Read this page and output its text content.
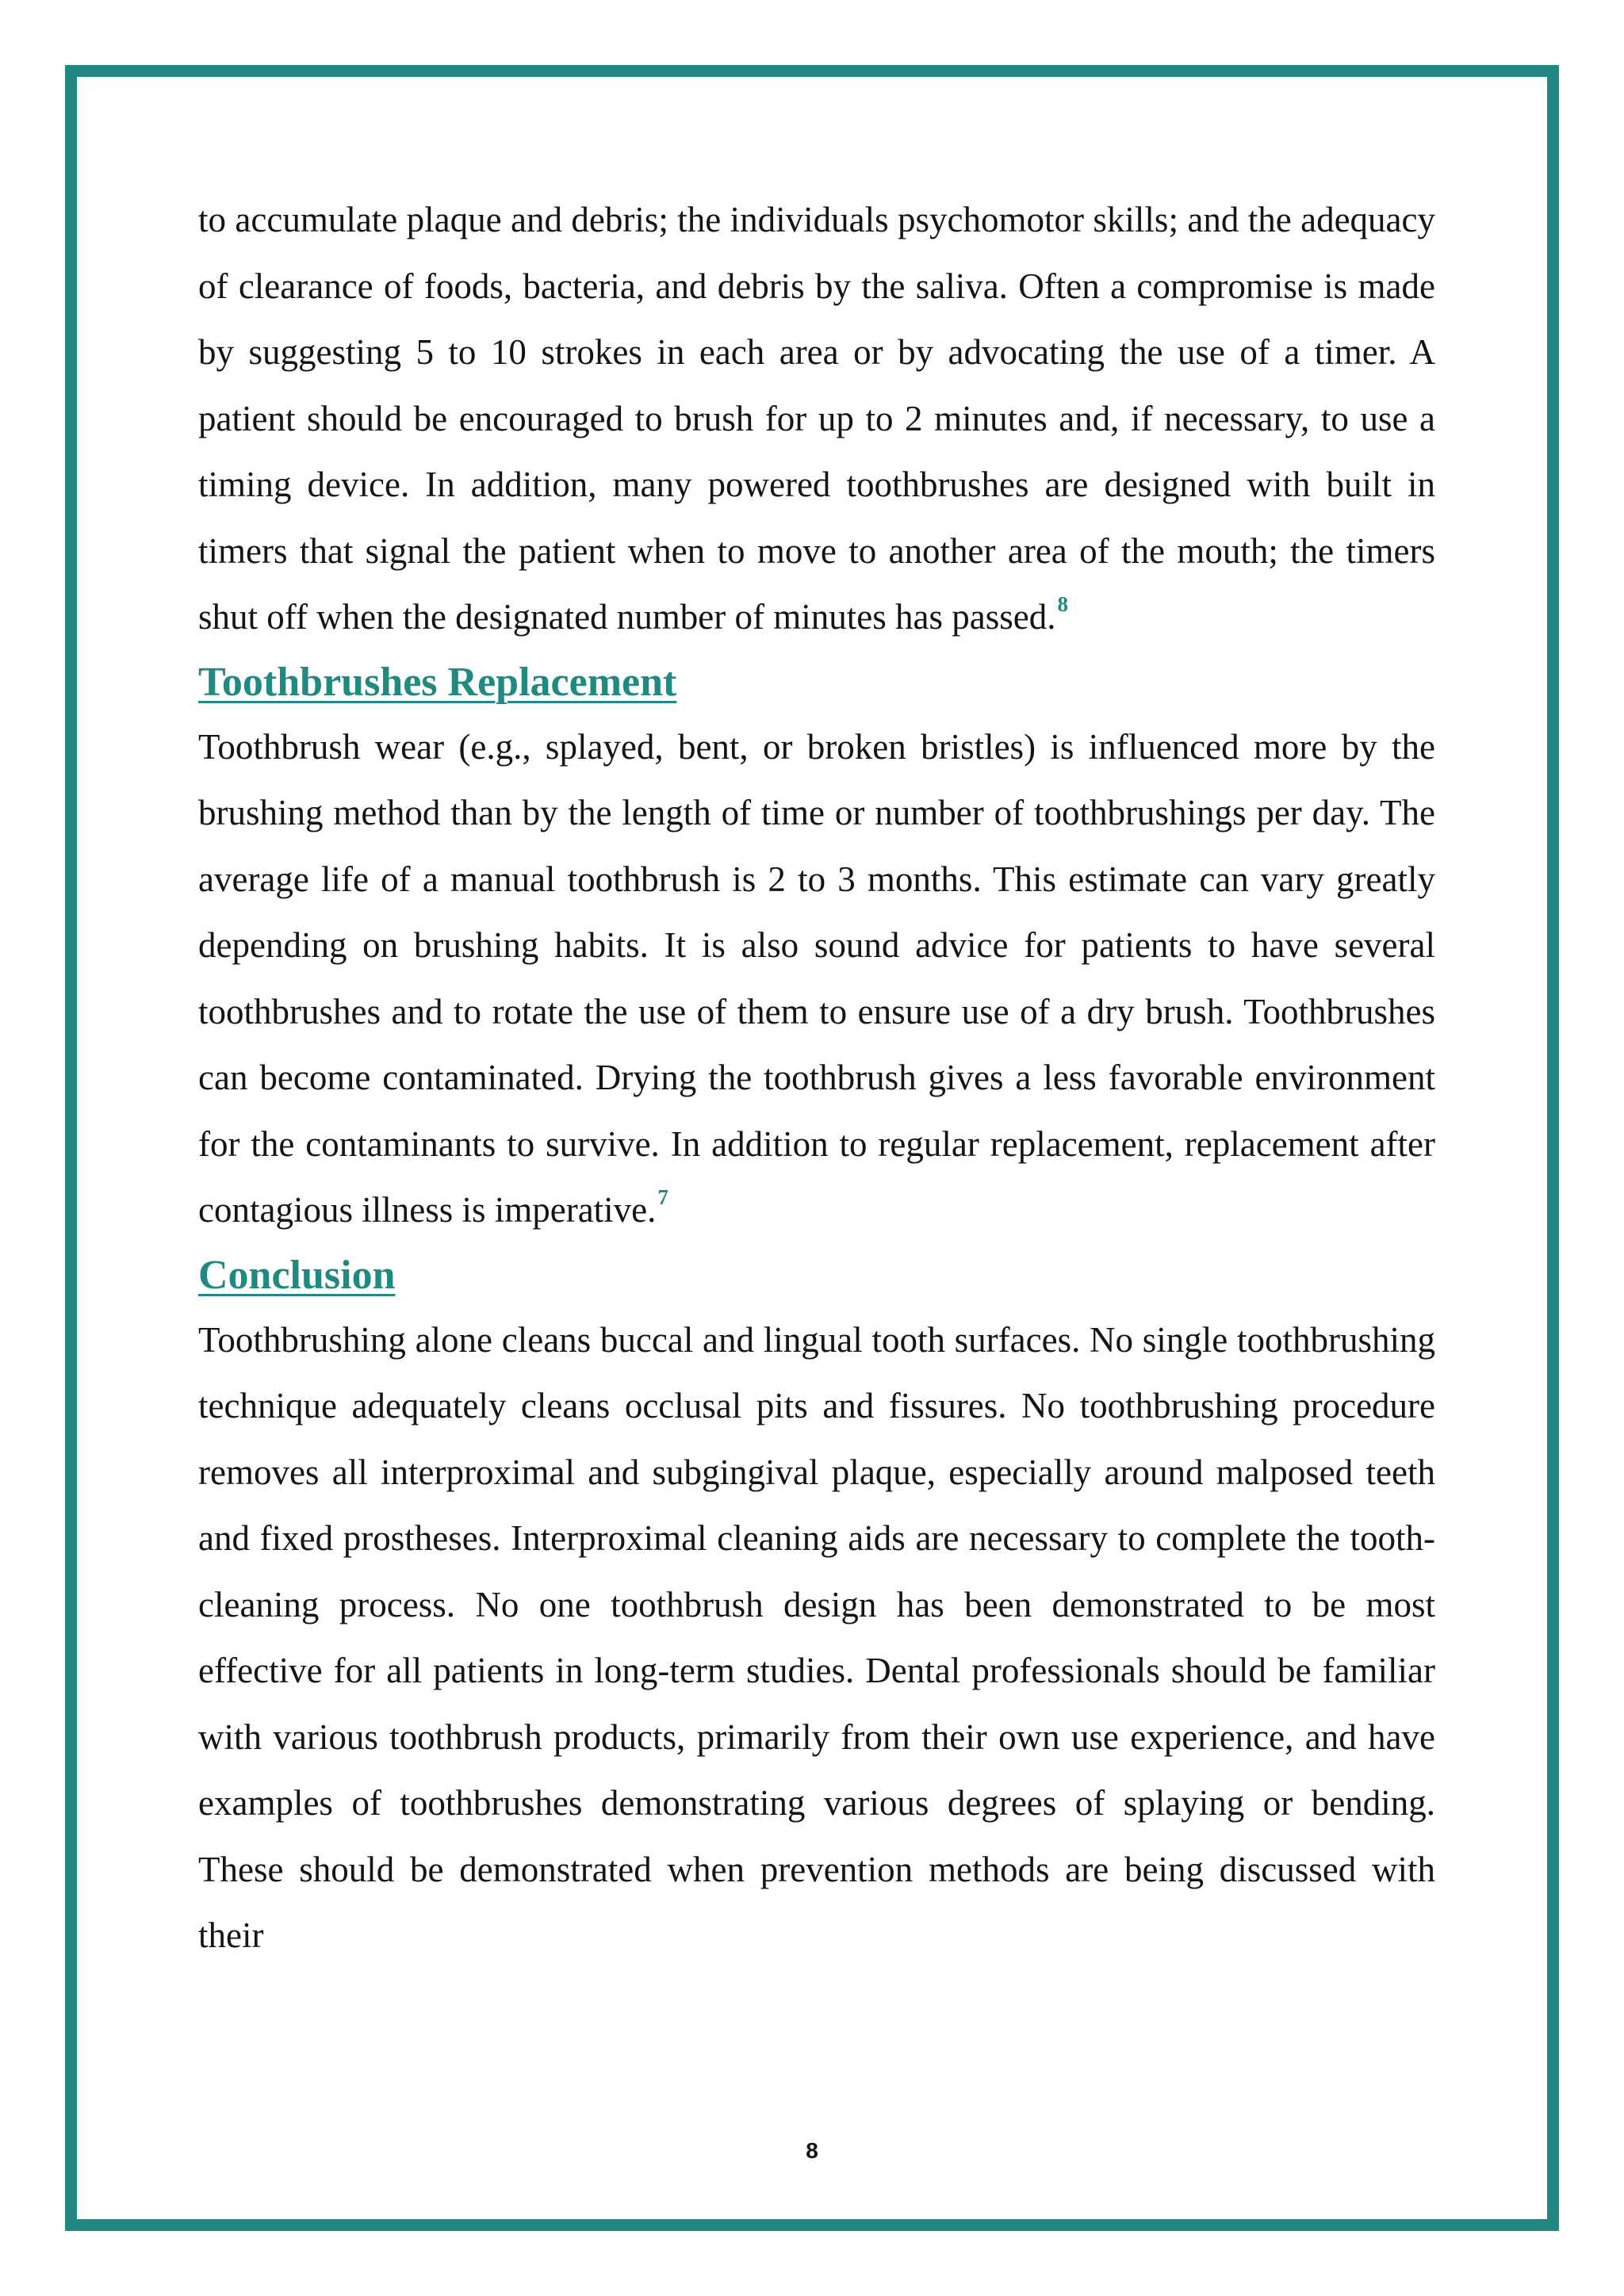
to accumulate plaque and debris; the individuals psychomotor skills; and the adequacy of clearance of foods, bacteria, and debris by the saliva. Often a compromise is made by suggesting 5 to 10 strokes in each area or by advocating the use of a timer. A patient should be encouraged to brush for up to 2 minutes and, if necessary, to use a timing device. In addition, many powered toothbrushes are designed with built in timers that signal the patient when to move to another area of the mouth; the timers shut off when the designated number of minutes has passed.$^8$

Toothbrushes Replacement

Toothbrush wear (e.g., splayed, bent, or broken bristles) is influenced more by the brushing method than by the length of time or number of toothbrushings per day. The average life of a manual toothbrush is 2 to 3 months. This estimate can vary greatly depending on brushing habits. It is also sound advice for patients to have several toothbrushes and to rotate the use of them to ensure use of a dry brush. Toothbrushes can become contaminated. Drying the toothbrush gives a less favorable environment for the contaminants to survive. In addition to regular replacement, replacement after contagious illness is imperative.$^7$

Conclusion

Toothbrushing alone cleans buccal and lingual tooth surfaces. No single toothbrushing technique adequately cleans occlusal pits and fissures. No toothbrushing procedure removes all interproximal and subgingival plaque, especially around malposed teeth and fixed prostheses. Interproximal cleaning aids are necessary to complete the tooth-cleaning process. No one toothbrush design has been demonstrated to be most effective for all patients in long-term studies. Dental professionals should be familiar with various toothbrush products, primarily from their own use experience, and have examples of toothbrushes demonstrating various degrees of splaying or bending. These should be demonstrated when prevention methods are being discussed with their

8
